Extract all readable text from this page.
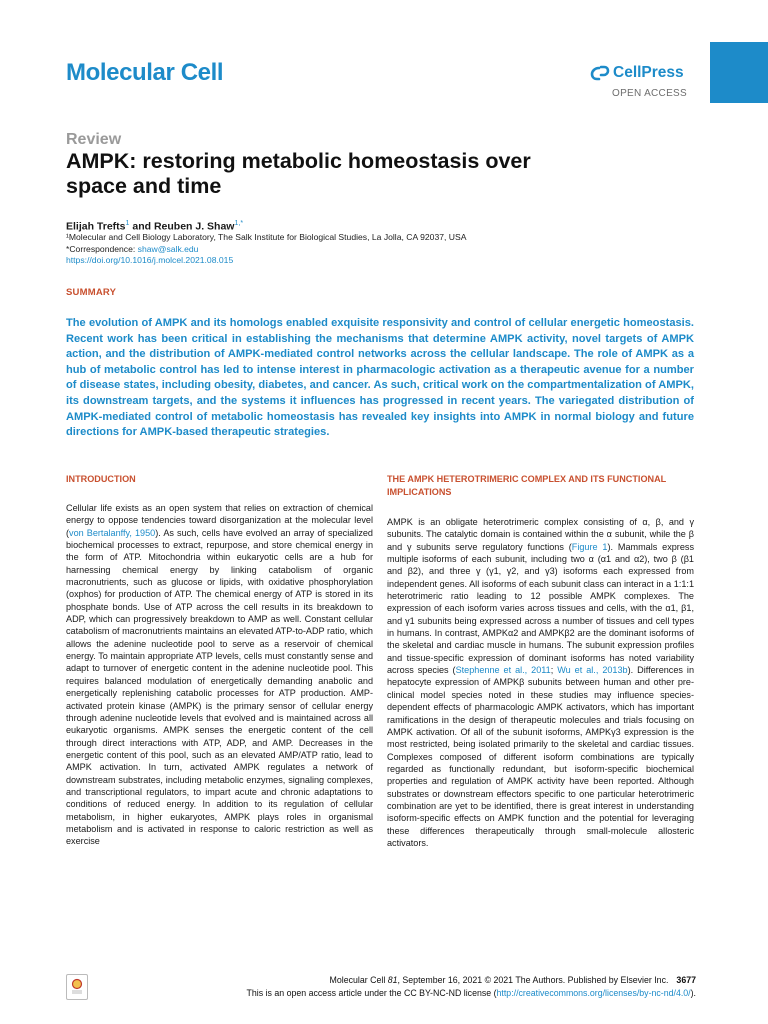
Molecular Cell	CellPress
OPEN ACCESS
Review
AMPK: restoring metabolic homeostasis over space and time
Elijah Trefts$^1$ and Reuben J. Shaw$^{1,*}$
¹Molecular and Cell Biology Laboratory, The Salk Institute for Biological Studies, La Jolla, CA 92037, USA
*Correspondence: shaw@salk.edu
https://doi.org/10.1016/j.molcel.2021.08.015
SUMMARY
The evolution of AMPK and its homologs enabled exquisite responsivity and control of cellular energetic homeostasis. Recent work has been critical in establishing the mechanisms that determine AMPK activity, novel targets of AMPK action, and the distribution of AMPK-mediated control networks across the cellular landscape. The role of AMPK as a hub of metabolic control has led to intense interest in pharmacologic activation as a therapeutic avenue for a number of disease states, including obesity, diabetes, and cancer. As such, critical work on the compartmentalization of AMPK, its downstream targets, and the systems it influences has progressed in recent years. The variegated distribution of AMPK-mediated control of metabolic homeostasis has revealed key insights into AMPK in normal biology and future directions for AMPK-based therapeutic strategies.
INTRODUCTION
Cellular life exists as an open system that relies on extraction of chemical energy to oppose tendencies toward disorganization at the molecular level (von Bertalanffy, 1950). As such, cells have evolved an array of specialized biochemical processes to extract, repurpose, and store chemical energy in the form of ATP. Mitochondria within eukaryotic cells are a hub for harnessing chemical energy by linking catabolism of organic macronutrients, such as glucose or lipids, with oxidative phosphorylation (oxphos) for production of ATP. The chemical energy of ATP is stored in its phosphate bonds. Use of ATP across the cell results in its breakdown to ADP, which can progressively breakdown to AMP as well. Constant cellular catabolism of macronutrients maintains an elevated ATP-to-ADP ratio, which allows the adenine nucleotide pool to serve as a reservoir of chemical energy. To maintain appropriate ATP levels, cells must constantly sense and adapt to turnover of energetic content in the adenine nucleotide pool. This requires balanced modulation of energetically demanding anabolic and energetically replenishing catabolic processes for ATP production. AMP-activated protein kinase (AMPK) is the primary sensor of cellular energy through adenine nucleotide levels that evolved and is maintained across all eukaryotic organisms. AMPK senses the energetic content of the cell through direct interactions with ATP, ADP, and AMP. Decreases in the energetic content of this pool, such as an elevated AMP/ATP ratio, lead to AMPK activation. In turn, activated AMPK regulates a network of downstream substrates, including metabolic enzymes, signaling complexes, and transcriptional regulators, to impart acute and chronic adaptations to conditions of reduced energy. In addition to its regulation of cellular metabolism, in higher eukaryotes, AMPK plays roles in organismal metabolism and is activated in response to caloric restriction as well as exercise
THE AMPK HETEROTRIMERIC COMPLEX AND ITS FUNCTIONAL IMPLICATIONS
AMPK is an obligate heterotrimeric complex consisting of α, β, and γ subunits. The catalytic domain is contained within the α subunit, while the β and γ subunits serve regulatory functions (Figure 1). Mammals express multiple isoforms of each subunit, including two α (α1 and α2), two β (β1 and β2), and three γ (γ1, γ2, and γ3) isoforms each expressed from independent genes. All isoforms of each subunit class can interact in a 1:1:1 heterotrimeric ratio leading to 12 possible AMPK complexes. The expression of each isoform varies across tissues and cells, with the α1, β1, and γ1 subunits being expressed across a number of tissues and cell types in humans. In contrast, AMPKα2 and AMPKβ2 are the dominant isoforms of the skeletal and cardiac muscle in humans. The subunit expression profiles and tissue-specific expression of dominant isoforms has noted variability across species (Stephenne et al., 2011; Wu et al., 2013b). Differences in hepatocyte expression of AMPKβ subunits between human and other pre-clinical model species noted in these studies may influence species-dependent effects of pharmacologic AMPK activators, which has important ramifications in the design of therapeutic molecules and trials focusing on AMPK activation. Of all of the subunit isoforms, AMPKγ3 expression is the most restricted, being isolated primarily to the skeletal and cardiac tissues. Complexes composed of different isoform combinations are typically regarded as functionally redundant, but isoform-specific biochemical properties and regulation of AMPK activity have been reported. Although substrates or downstream effectors specific to one particular heterotrimeric combination are yet to be identified, there is great interest in understanding isoform-specific effects on AMPK function and the potential for leveraging these differences therapeutically through small-molecule allosteric activators.
Molecular Cell 81, September 16, 2021 © 2021 The Authors. Published by Elsevier Inc. 3677
This is an open access article under the CC BY-NC-ND license (http://creativecommons.org/licenses/by-nc-nd/4.0/).
